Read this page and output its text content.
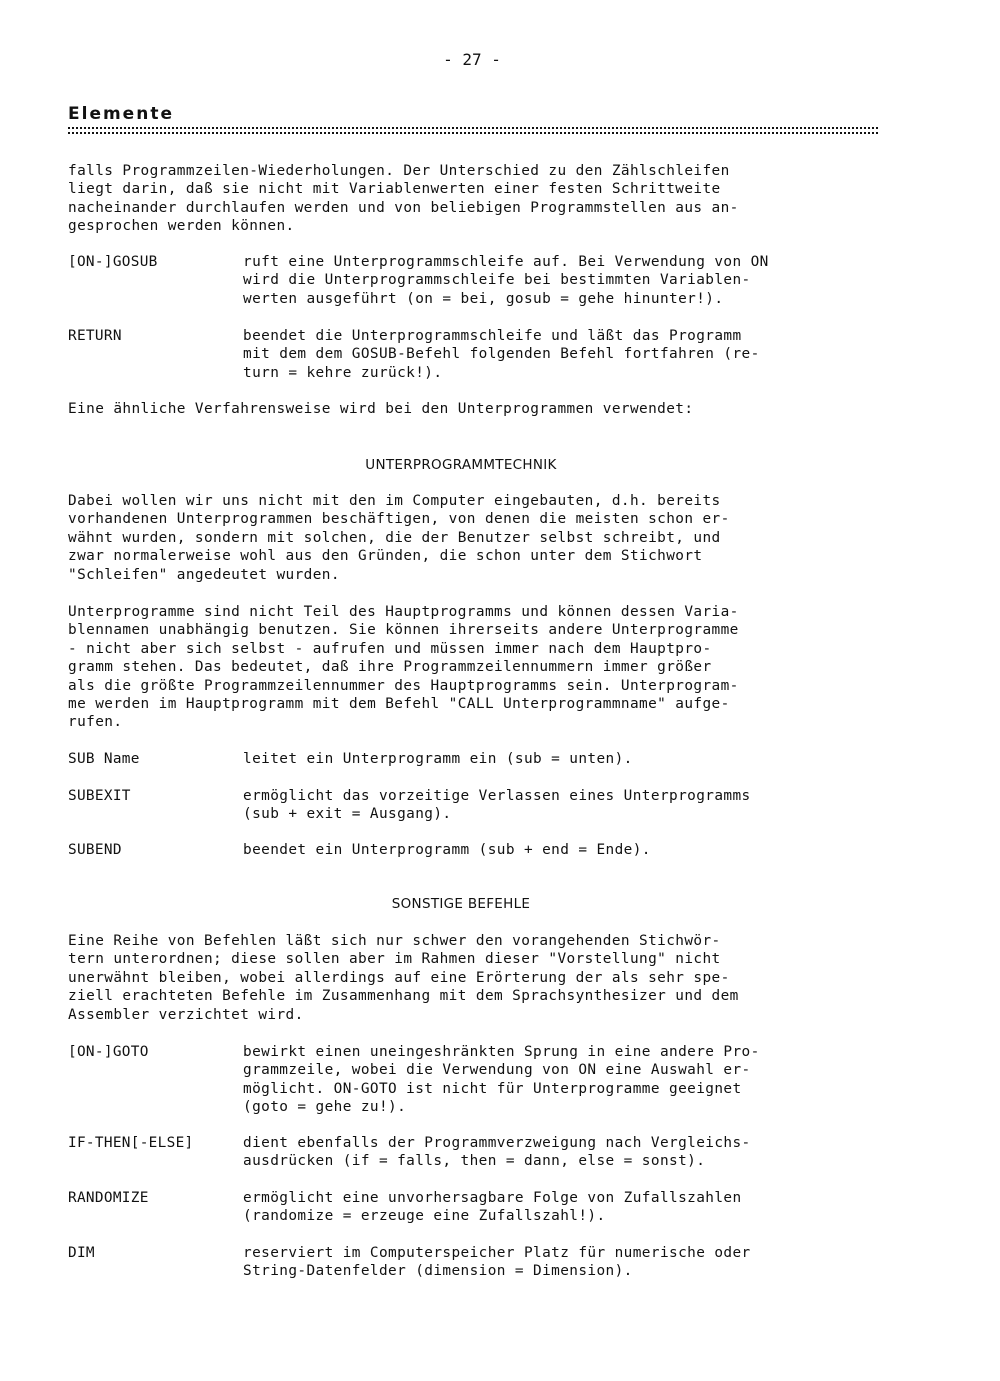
- 27 -
Elemente
falls Programmzeilen-Wiederholungen. Der Unterschied zu den Zählschleifen
liegt darin, daß sie nicht mit Variablenwerten einer festen Schrittweite
nacheinander durchlaufen werden und von beliebigen Programmstellen aus an-
gesprochen werden können.
[ON-]GOSUB	ruft eine Unterprogrammschleife auf. Bei Verwendung von ON
wird die Unterprogrammschleife bei bestimmten Variablen-
werten ausgeführt (on = bei, gosub = gehe hinunter!).
RETURN	beendet die Unterprogrammschleife und läßt das Programm
mit dem dem GOSUB-Befehl folgenden Befehl fortfahren (re-
turn = kehre zurück!).
Eine ähnliche Verfahrensweise wird bei den Unterprogrammen verwendet:
UNTERPROGRAMMTECHNIK
Dabei wollen wir uns nicht mit den im Computer eingebauten, d.h. bereits
vorhandenen Unterprogrammen beschäftigen, von denen die meisten schon er-
wähnt wurden, sondern mit solchen, die der Benutzer selbst schreibt, und
zwar normalerweise wohl aus den Gründen, die schon unter dem Stichwort
"Schleifen" angedeutet wurden.
Unterprogramme sind nicht Teil des Hauptprogramms und können dessen Varia-
blennamen unabhängig benutzen. Sie können ihrerseits andere Unterprogramme
- nicht aber sich selbst - aufrufen und müssen immer nach dem Hauptpro-
gramm stehen. Das bedeutet, daß ihre Programmzeilennummern immer größer
als die größte Programmzeilennummer des Hauptprogramms sein. Unterprogram-
me werden im Hauptprogramm mit dem Befehl "CALL Unterprogrammname" aufge-
rufen.
SUB Name	leitet ein Unterprogramm ein (sub = unten).
SUBEXIT	ermöglicht das vorzeitige Verlassen eines Unterprogramms
(sub + exit = Ausgang).
SUBEND	beendet ein Unterprogramm (sub + end = Ende).
SONSTIGE BEFEHLE
Eine Reihe von Befehlen läßt sich nur schwer den vorangehenden Stichwör-
tern unterordnen; diese sollen aber im Rahmen dieser "Vorstellung" nicht
unerwähnt bleiben, wobei allerdings auf eine Erörterung der als sehr spe-
ziell erachteten Befehle im Zusammenhang mit dem Sprachsynthesizer und dem
Assembler verzichtet wird.
[ON-]GOTO	bewirkt einen uneingeshränkten Sprung in eine andere Pro-
grammzeile, wobei die Verwendung von ON eine Auswahl er-
möglicht. ON-GOTO ist nicht für Unterprogramme geeignet
(goto = gehe zu!).
IF-THEN[-ELSE]	dient ebenfalls der Programmverzweigung nach Vergleichs-
ausdrücken (if = falls, then = dann, else = sonst).
RANDOMIZE	ermöglicht eine unvorhersagbare Folge von Zufallszahlen
(randomize = erzeuge eine Zufallszahl!).
DIM	reserviert im Computerspeicher Platz für numerische oder
String-Datenfelder (dimension = Dimension).
